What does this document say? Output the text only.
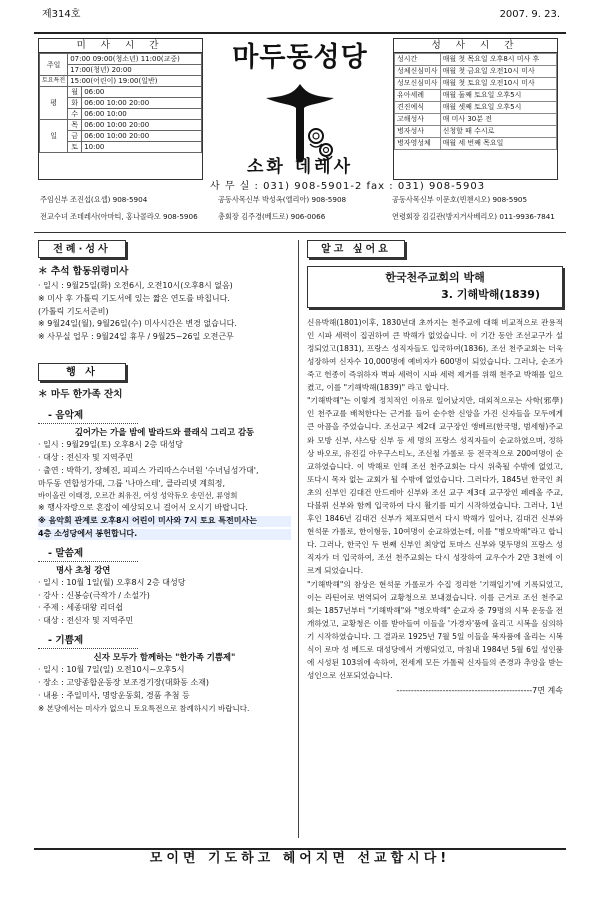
제314호	2007. 9. 23.
미 사 시 간
주일	07:00 09:00(청소년) 11:00(교중)	
	17:00(청년) 20:00	
토요특전	15:00(어린이) 19:00(일반)	
평	월	06:00
	화	06:00 10:00 20:00
	수	06:00 10:00
일	목	06:00 10:00 20:00
	금	06:00 10:00 20:00
	토	10:00
마두동성당
소화 데레사
성 사 시 간
성시간	매월 첫 목요일 오후8시 미사 후
성체신심미사	매월 첫 금요일 오전10시 미사
성모신심미사	매월 첫 토요일 오전10시 미사
유아세례	매월 둘째 토요일 오후5시
견진예식	매월 셋째 토요일 오후5시
고해성사	매 미사 30분 전
병자성사	신청할 때 수시로
병자영성체	매월 세 번째 목요일
사 무 실 : 031) 908-5901-2 fax : 031) 908-5903
주임신부 조진섭(요셉) 908-5904	공동사목신부 박성옥(엘리아) 908-5908	공동사목신부 이문호(빈첸시오) 908-5905
전교수녀 조데레사(아마티, 홍나콜라오 908-5906	총회장 김주경(베드로) 906-0066	연령회장 김길관(방지거사베리오) 011-9936-7841
전례·성사
＊ 추석 합동위령미사
· 일시 : 9월25일(화) 오전6시, 오전10시(오후8시 없음)
※ 미사 후 가톨릭 기도서에 있는 짧은 연도를 바칩니다.
(가톨릭 기도서준비)
※ 9월24일(월), 9월26일(수) 미사시간은 변경 없습니다.
※ 사무실 업무 : 9월24일 휴무 / 9월25~26일 오전근무
행 사
＊ 마두 한가족 잔치
- 음악제
깊어가는 가을 밤에 발라드와 클래식 그리고 감동
· 일시 : 9월29일(토) 오후8시 2층 대성당
· 대상 : 전신자 및 지역주민
· 출연 : 박학기, 장혜진, 피피스 가리따스수녀원 '수녀님성가대',
마두동 연합성가대, 그룹 '나마스테', 클라리넷 계희정,
바이올린 이태경, 오르간 최유진, 여성 성악듀오 송민선, 류영희
※ 행사자랑으로 혼잡이 예상되오니 걸어서 오시기 바랍니다.
※ 음악회 관계로 오후8시 어린이 미사와 7시 토요 특전미사는
4층 소성당에서 봉헌합니다.
- 말씀제
명사 초청 강연
· 일시 : 10월 1일(월) 오후8시 2층 대성당
· 강사 : 신봉승(극작가 / 소설가)
· 주제 : 세종대왕 리더쉽
· 대상 : 전신자 및 지역주민
- 기쁨제
신자 모두가 함께하는 "한가족 기쁨제"
· 일시 : 10월 7일(일) 오전10시~오후5시
· 장소 : 고양종합운동장 보조경기장(대화동 소재)
· 내용 : 주일미사, 명랑운동회, 경품 추첨 등
※ 본당에서는 미사가 없으니 토요특전으로 참례하시기 바랍니다.
알고 싶어요
한국천주교회의 박해
3. 기해박해(1839)

신유박해(1801)이후, 1830년대 초까지는 천주교에 대해 비교적으로 관용적인 시파 세력이 집권하여 큰 박해가 없었습니다. 이 기간 동안 조선교구가 설정되었고(1831), 프랑스 성직자들도 입국하여(1836), 조선 천주교회는 더욱 성장하여 신자수 10,000명에 예비자가 600명이 되었습니다. 그러나, 순조가 죽고 헌종이 즉위하자 벽파 세력이 시파 세력 제거를 위해 천주교 박해를 일으켰고, 이를 "기해박해(1839)" 라고 합니다.

"기해박해"는 이렇게 정치적인 이유로 일어났지만, 대외적으로는 사학(邪學)인 천주교를 배척한다는 근거를 들어 순수한 신앙을 가진 신자들을 모두에게 큰 아픔을 주었습니다. 조선교구 제2대 교구장인 앵베르(한국명, 범세형)주교와 모방 신부, 샤스탕 신부 등 세 명의 프랑스 성직자들이 순교하였으며, 정하상 바오로, 유진길 아우구스티노, 조신철 가롤로 등 전국적으로 200여명이 순교하였습니다. 이 박해로 인해 조선 천주교회는 다시 위축될 수밖에 없었고, 또다시 목자 없는 교회가 될 수밖에 없었습니다. 그러다가, 1845년 한국인 최초의 신부인 김대건 안드레아 신부와 조선 교구 제3대 교구장인 페레올 주교, 다블뤼 신부와 함께 입국하여 다시 활기를 띠기 시작하였습니다. 그러나, 1년 후인 1846년 김대건 신부가 체포되면서 다시 박해가 일어나, 김대건 신부와 현석문 가롤로, 한이형등, 10여명이 순교하였는데, 이를 "병오박해"라고 합니다. 그러나, 한국인 두 번째 신부인 최양업 토마스 신부와 몇두명의 프랑스 성직자가 더 입국하여, 조선 천주교회는 다시 성장하여 교우수가 2만 3천에 이르게 되었습니다.

"기해박해"의 참상은 현석문 가롤로가 수집 정리한 '기해일기'에 기록되었고, 이는 라틴어로 번역되어 교황청으로 보내졌습니다. 이를 근거로 조선 천주교회는 1857년부터 "기해박해"와 "병오박해" 순교자 중 79명의 시복 운동을 전개하였고, 교황청은 이를 받아들여 이들을 '가경자'품에 올리고 시복을 심의하기 시작하였습니다. 그 결과로 1925년 7월 5일 이들을 복자품에 올리는 시복식이 로마 성 베드로 대성당에서 거행되었고, 마침내 1984년 5월 6일 성인품에 시성된 103위에 속하여, 전세계 모든 가톨릭 신자들의 존경과 추앙을 받는 성인으로 선포되었습니다.

-----------------------------------------------7면 계속
모이면 기도하고 헤어지면 선교합시다!
